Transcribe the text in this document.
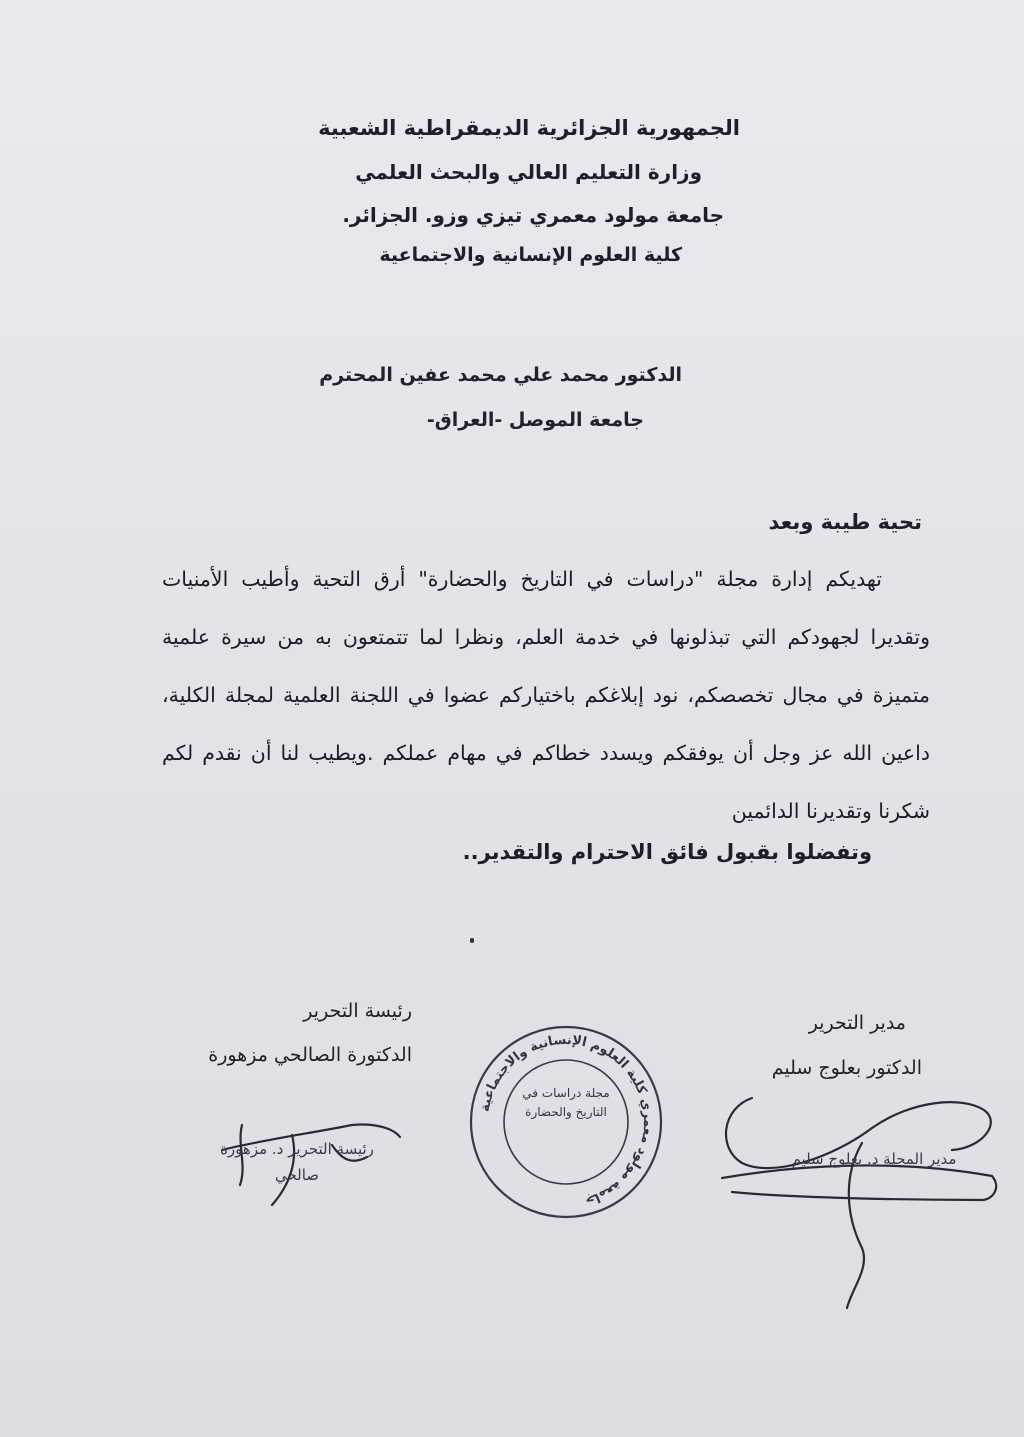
الجمهورية الجزائرية الديمقراطية الشعبية
وزارة التعليم العالي والبحث العلمي
جامعة مولود معمري تيزي وزو. الجزائر.
كلية العلوم الإنسانية والاجتماعية
الدكتور محمد علي محمد عفين المحترم
جامعة الموصل -العراق-
تحية طيبة وبعد
تهديكم إدارة مجلة "دراسات في التاريخ والحضارة" أرق التحية وأطيب الأمنيات وتقديرا لجهودكم التي تبذلونها في خدمة العلم، ونظرا لما تتمتعون به من سيرة علمية متميزة في مجال تخصصكم، نود إبلاغكم باختياركم عضوا في اللجنة العلمية لمجلة الكلية، داعين الله عز وجل أن يوفقكم ويسدد خطاكم في مهام عملكم .ويطيب لنا أن نقدم لكم شكرنا وتقديرنا الدائمين
وتفضلوا بقبول فائق الاحترام والتقدير..
مدير التحرير
الدكتور بعلوج سليم
رئيسة التحرير
الدكتورة الصالحي مزهورة
جامعة مولود معمري كلية العلوم الإنسانية والاجتماعية
مجلة دراسات في التاريخ والحضارة
رئيسة التحرير د. مزهورة صالحي
مدير المجلة د. بعلوج سليم
